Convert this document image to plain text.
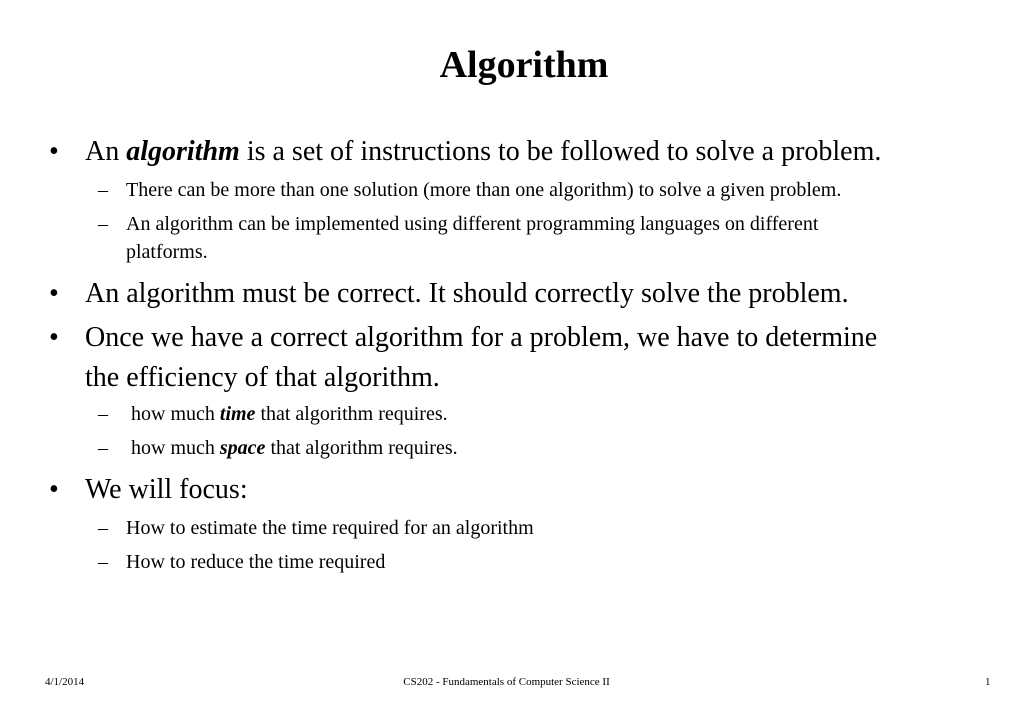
Algorithm
• An algorithm is a set of instructions to be followed to solve a problem.
– There can be more than one solution (more than one algorithm) to solve a given problem.
– An algorithm can be implemented using different programming languages on different
platforms.
• An algorithm must be correct. It should correctly solve the problem.
• Once we have a correct algorithm for a problem, we have to determine
the efficiency of that algorithm.
– how much time that algorithm requires.
– how much space that algorithm requires.
• We will focus:
– How to estimate the time required for an algorithm
– How to reduce the time required
4/1/2014	CS202 - Fundamentals of Computer Science II	1
